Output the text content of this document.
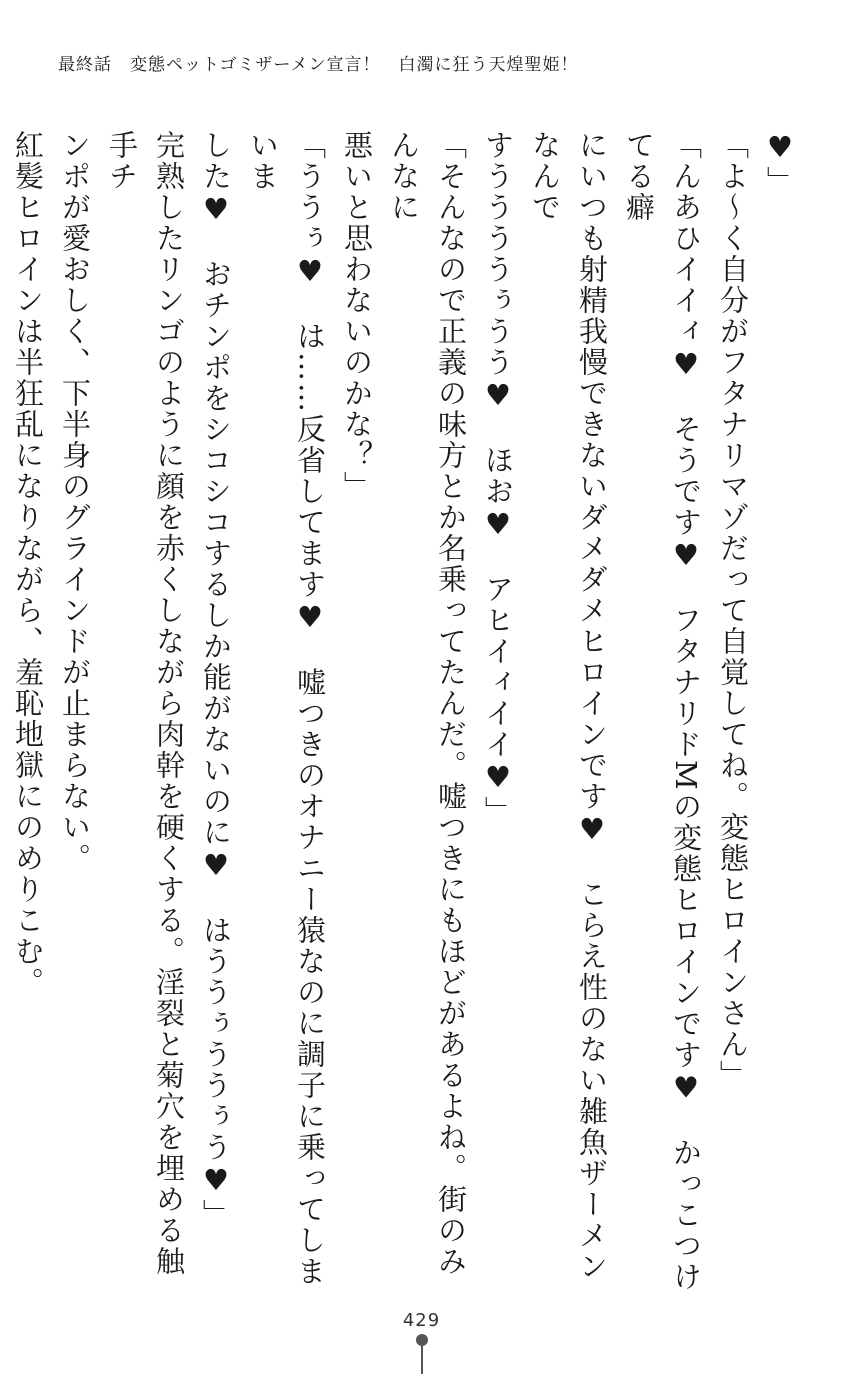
最終話　変態ペットゴミザーメン宣言！　白濁に狂う天煌聖姫！

♥」

「よ〜く自分がフタナリマゾだって自覚してね。変態ヒロインさん」

「んあひイイィ♥　そうです♥　フタナリドMの変態ヒロインです♥　かっこつけてる癖

にいつも射精我慢できないダメダメヒロインです♥　こらえ性のない雑魚ザーメンなんで

すううううぅうう♥　ほお♥　アヒイィイイ♥」

「そんなので正義の味方とか名乗ってたんだ。嘘つきにもほどがあるよね。街のみんなに

悪いと思わないのかな？」

「ううぅ♥　は……反省してます♥　嘘つきのオナニー猿なのに調子に乗ってしまいま

した♥　おチンポをシコシコするしか能がないのに♥　はううぅううぅう♥」

完熟したリンゴのように顔を赤くしながら肉幹を硬くする。淫裂と菊穴を埋める触手チ

ンポが愛おしく、下半身のグラインドが止まらない。

紅髪ヒロインは半狂乱になりながら、羞恥地獄にのめりこむ。

429
